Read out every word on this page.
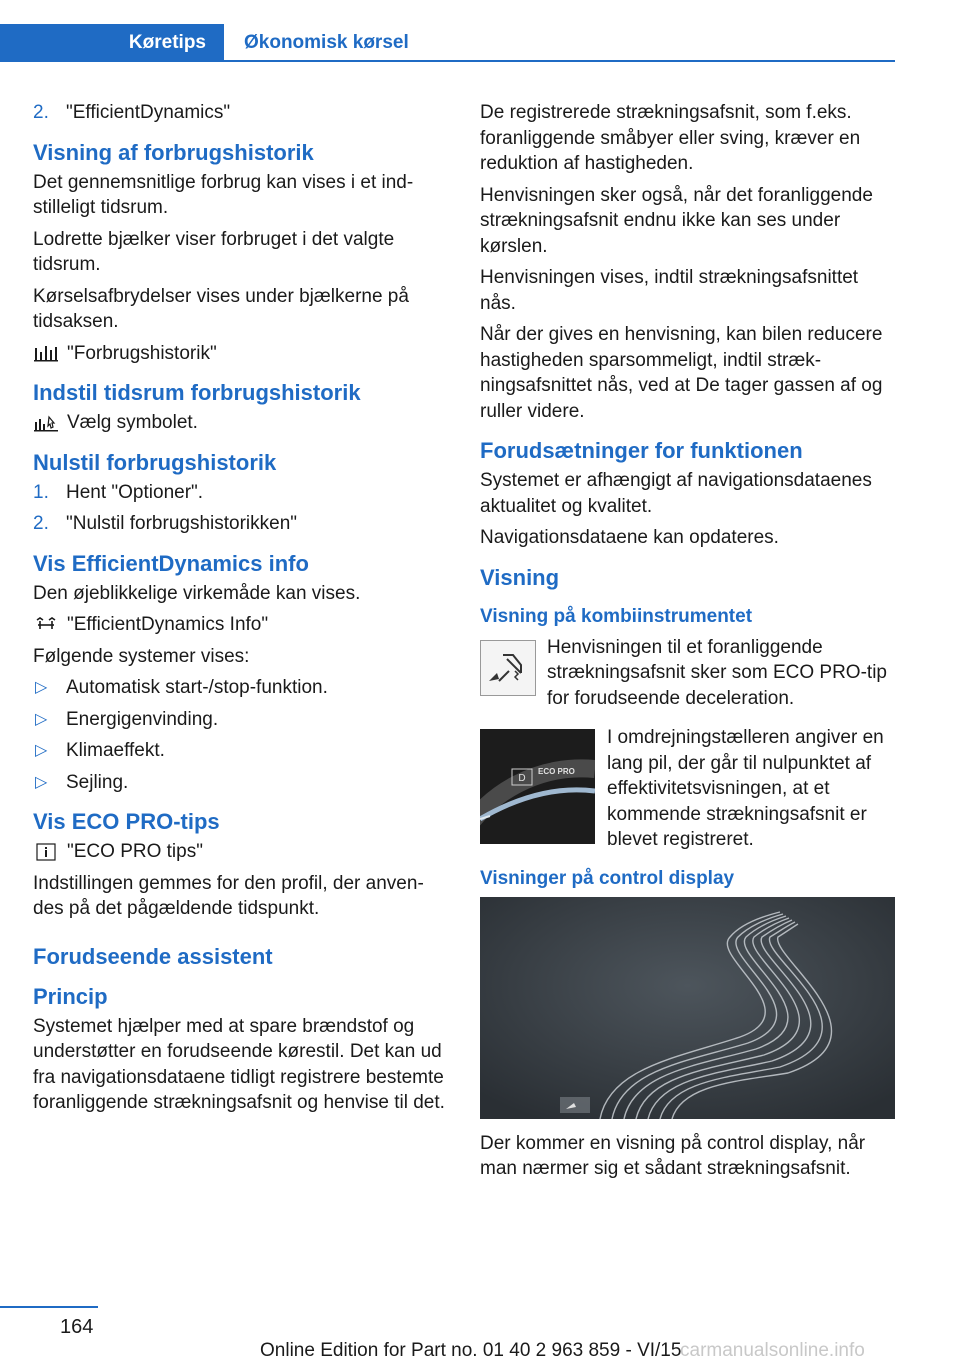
Køretips	Økonomisk kørsel
2. "EfficientDynamics"
Visning af forbrugshistorik
Det gennemsnitlige forbrug kan vises i et indstilleligt tidsrum.
Lodrette bjælker viser forbruget i det valgte tidsrum.
Kørselsafbrydelser vises under bjælkerne på tidsaksen.
"Forbrugshistorik"
Indstil tidsrum forbrugshistorik
Vælg symbolet.
Nulstil forbrugshistorik
1. Hent "Optioner".
2. "Nulstil forbrugshistorikken"
Vis EfficientDynamics info
Den øjeblikkelige virkemåde kan vises.
"EfficientDynamics Info"
Følgende systemer vises:
▷ Automatisk start-/stop-funktion.
▷ Energigenvinding.
▷ Klimaeffekt.
▷ Sejling.
Vis ECO PRO-tips
"ECO PRO tips"
Indstillingen gemmes for den profil, der anvendes på det pågældende tidspunkt.
Forudseende assistent
Princip
Systemet hjælper med at spare brændstof og understøtter en forudseende kørestil. Det kan ud fra navigationsdataene tidligt registrere bestemte foranliggende strækningsafsnit og henvise til det.
De registrerede strækningsafsnit, som f.eks. foranliggende småbyer eller sving, kræver en reduktion af hastigheden.
Henvisningen sker også, når det foranliggende strækningsafsnit endnu ikke kan ses under kørslen.
Henvisningen vises, indtil strækningsafsnittet nås.
Når der gives en henvisning, kan bilen reducere hastigheden sparsommeligt, indtil strækningsafsnittet nås, ved at De tager gassen af og ruller videre.
Forudsætninger for funktionen
Systemet er afhængigt af navigationsdataenes aktualitet og kvalitet.
Navigationsdataene kan opdateres.
Visning
Visning på kombiinstrumentet
Henvisningen til et foranliggende strækningsafsnit sker som ECO PRO-tip for forudseende deceleration.
D
ECO PRO
I omdrejningstælleren angiver en lang pil, der går til nulpunktet af effektivitetsvisningen, at et kommende strækningsafsnit er blevet registreret.
Visninger på control display
Der kommer en visning på control display, når man nærmer sig et sådant strækningsafsnit.
164
Online Edition for Part no. 01 40 2 963 859 - VI/15
carmanualsonline.info
